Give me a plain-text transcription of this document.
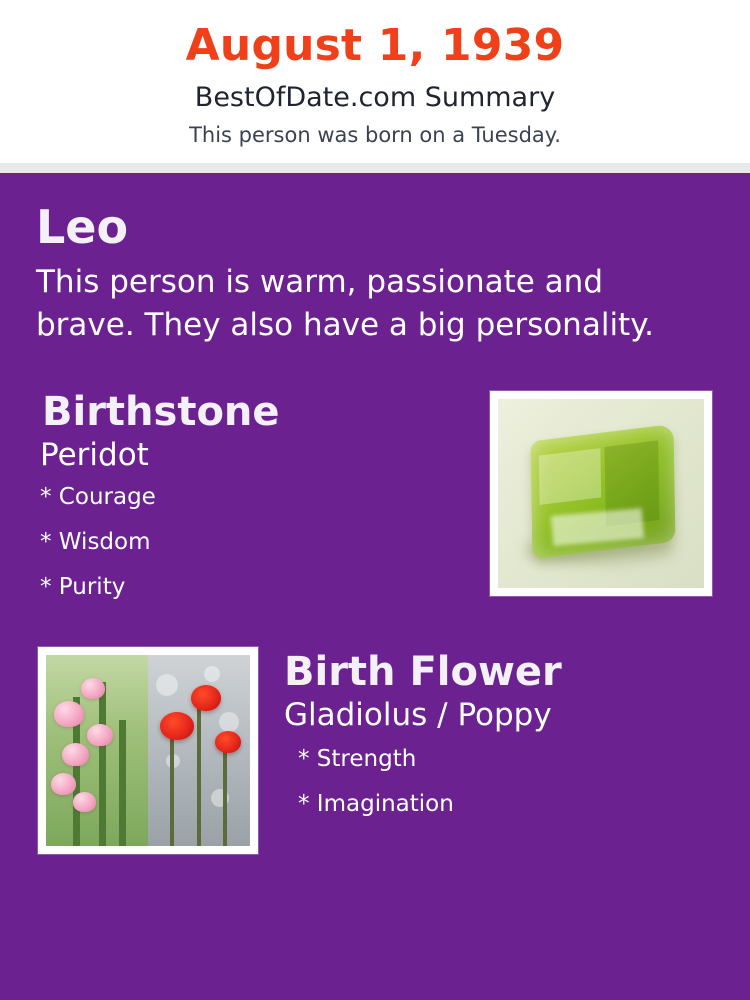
August 1, 1939
BestOfDate.com Summary
This person was born on a Tuesday.
Leo
This person is warm, passionate and brave. They also have a big personality.
Birthstone
Peridot
* Courage
* Wisdom
* Purity
Birth Flower
Gladiolus / Poppy
* Strength
* Imagination
